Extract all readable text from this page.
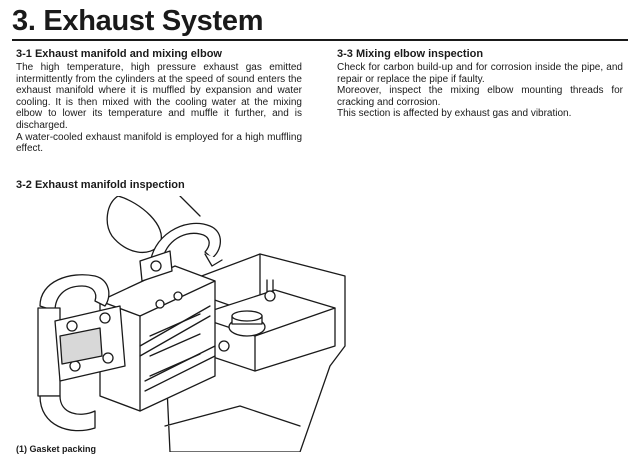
3. Exhaust System

3-1 Exhaust manifold and mixing elbow

The high temperature, high pressure exhaust gas emitted intermittently from the cylinders at the speed of sound enters the exhaust manifold where it is muffled by expansion and water cooling. It is then mixed with the cooling water at the mixing elbow to lower its temperature and muffle it further, and is discharged.

A water-cooled exhaust manifold is employed for a high muffling effect.

3-3 Mixing elbow inspection

Check for carbon build-up and for corrosion inside the pipe, and repair or replace the pipe if faulty.

Moreover, inspect the mixing elbow mounting threads for cracking and corrosion.

This section is affected by exhaust gas and vibration.

3-2 Exhaust manifold inspection

(1) Gasket packing
